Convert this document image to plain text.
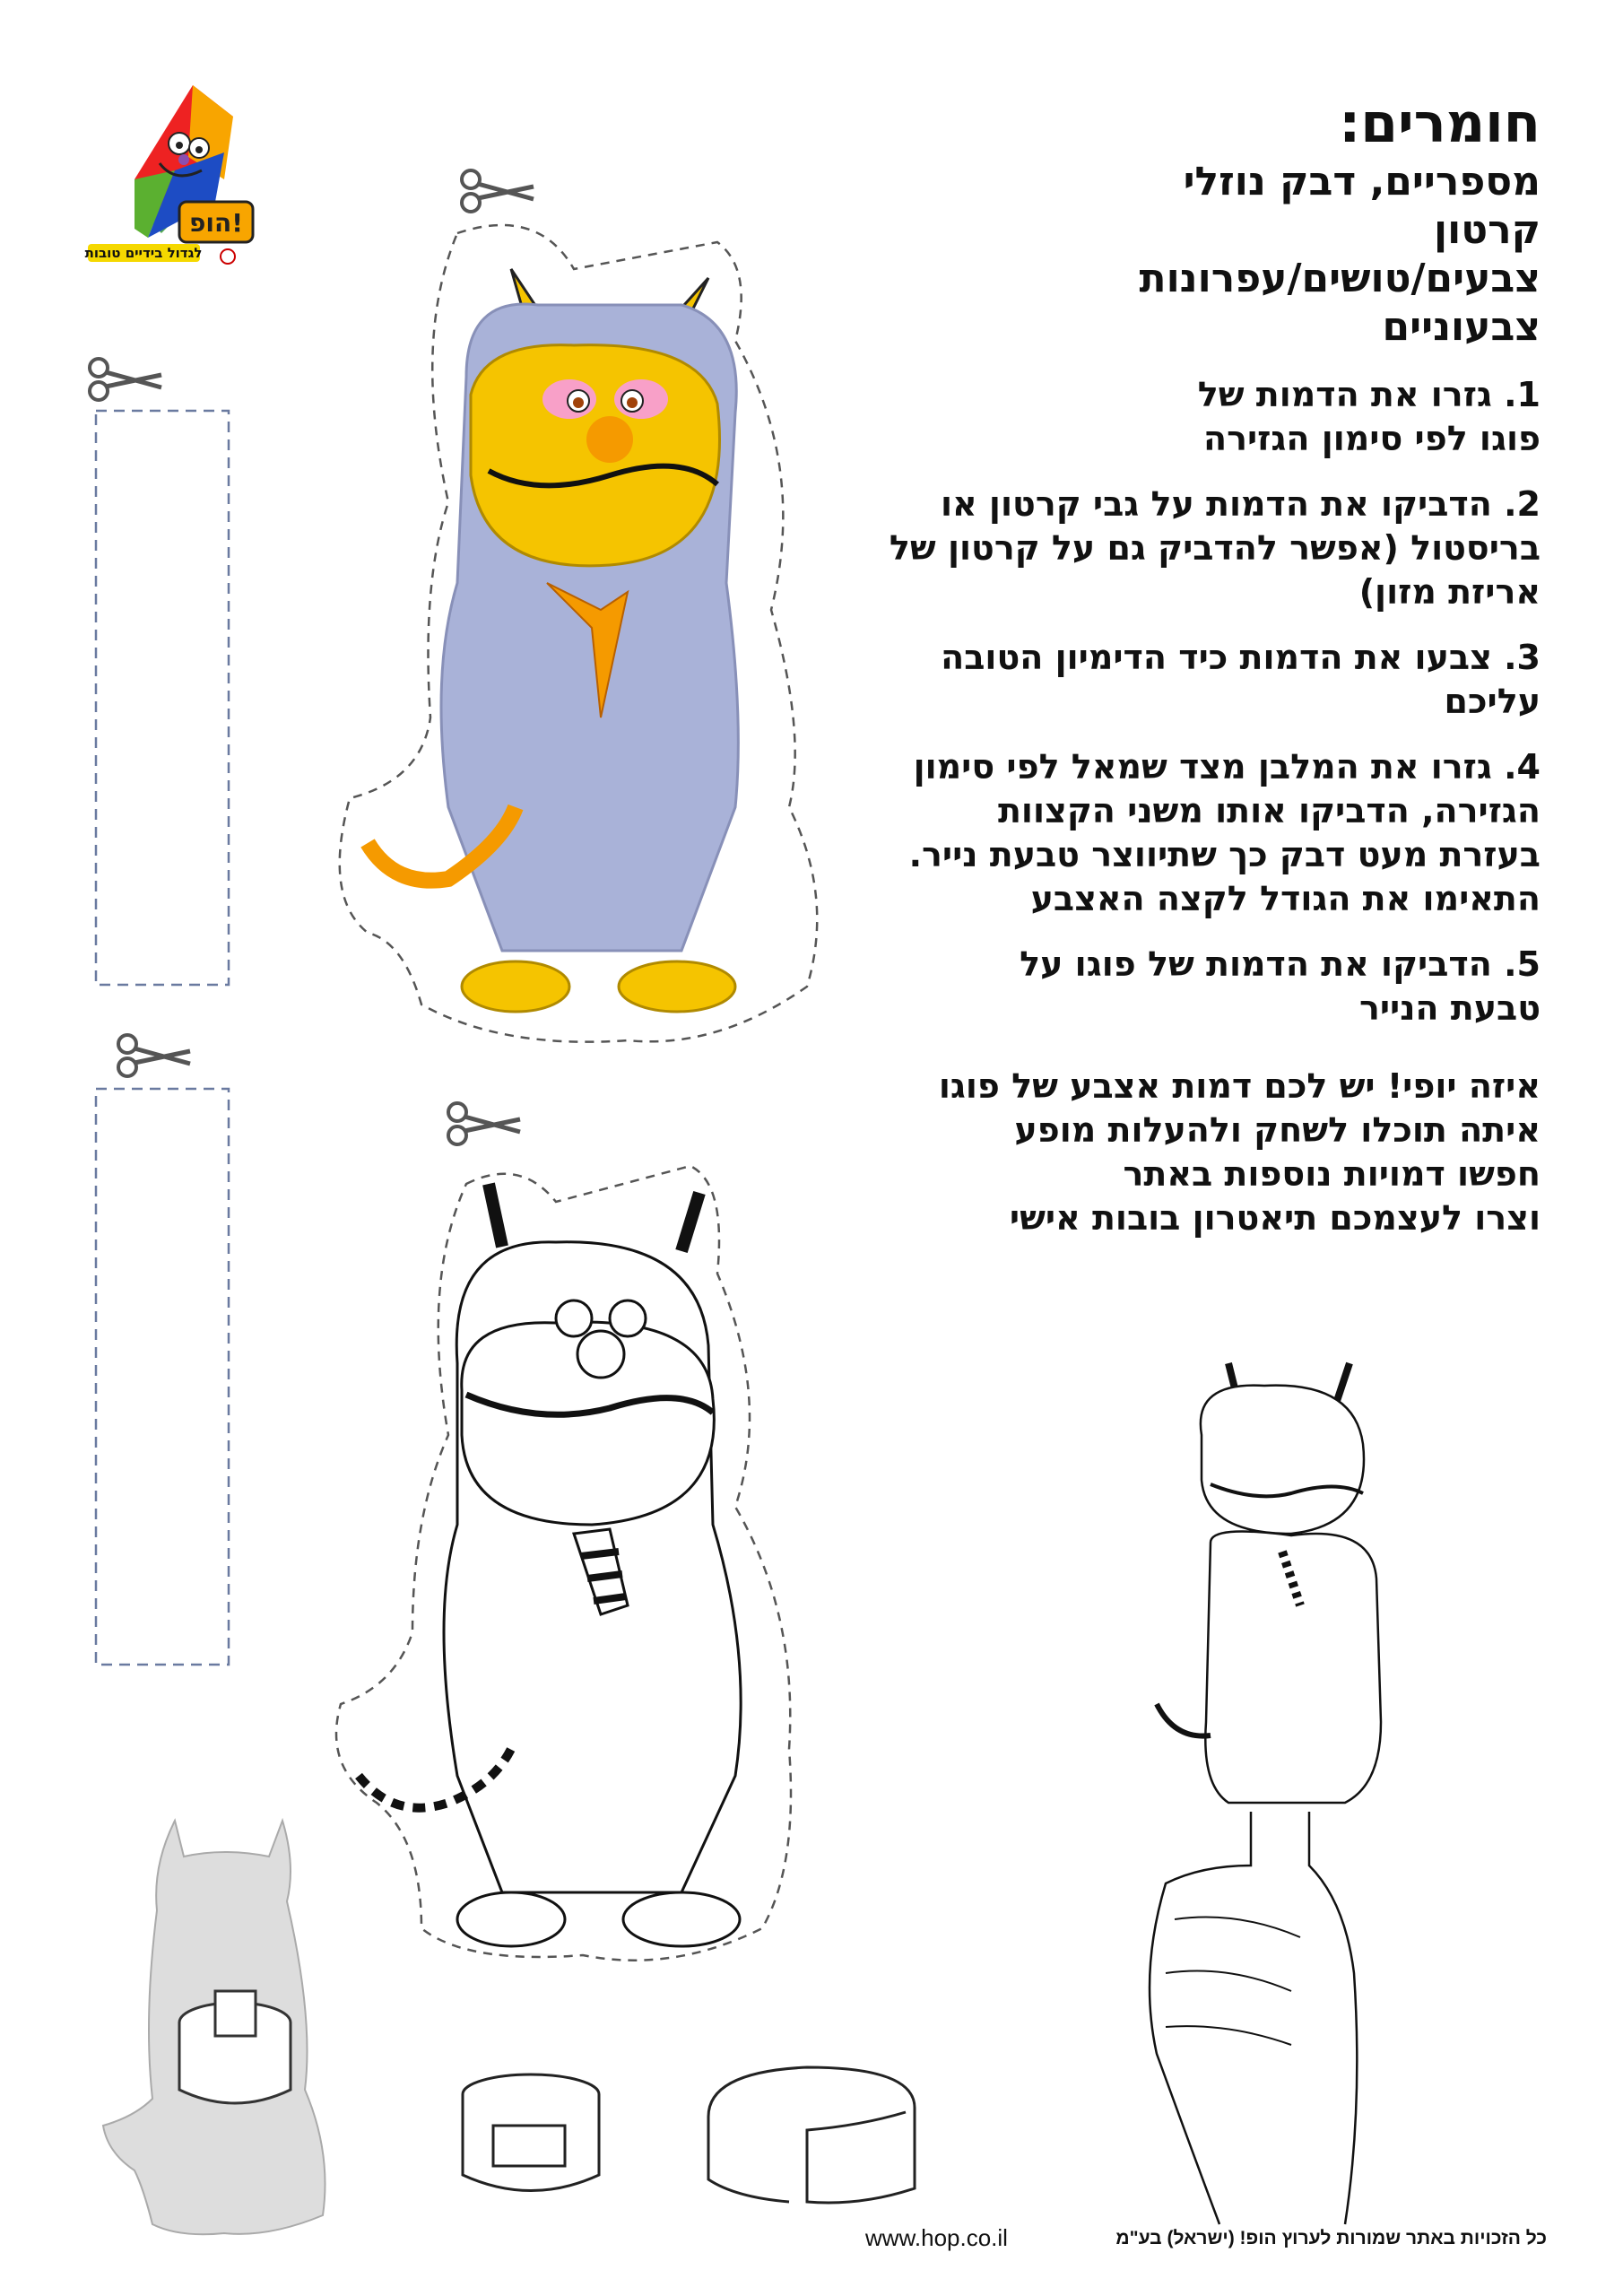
הופ!
לגדול בידיים טובות
חומרים:
מספריים, דבק נוזלי
קרטון
צבעים/טושים/עפרונות
צבעוניים
1. גזרו את הדמות של
פוגו לפי סימון הגזירה
2. הדביקו את הדמות על גבי קרטון או
בריסטול (אפשר להדביק גם על קרטון של
אריזת מזון)
3. צבעו את הדמות כיד הדימיון הטובה
עליכם
4. גזרו את המלבן מצד שמאל לפי סימון
הגזירה, הדביקו אותו משני הקצוות
בעזרת מעט דבק כך שתיווצר טבעת נייר.
התאימו את הגודל לקצה האצבע
5. הדביקו את הדמות של פוגו על
טבעת הנייר
איזה יופי! יש לכם דמות אצבע של פוגו
איתה תוכלו לשחק ולהעלות מופע
חפשו דמויות נוספות באתר
וצרו לעצמכם תיאטרון בובות אישי
www.hop.co.il	כל הזכויות באתר שמורות לערוץ הופ! (ישראל) בע"מ
